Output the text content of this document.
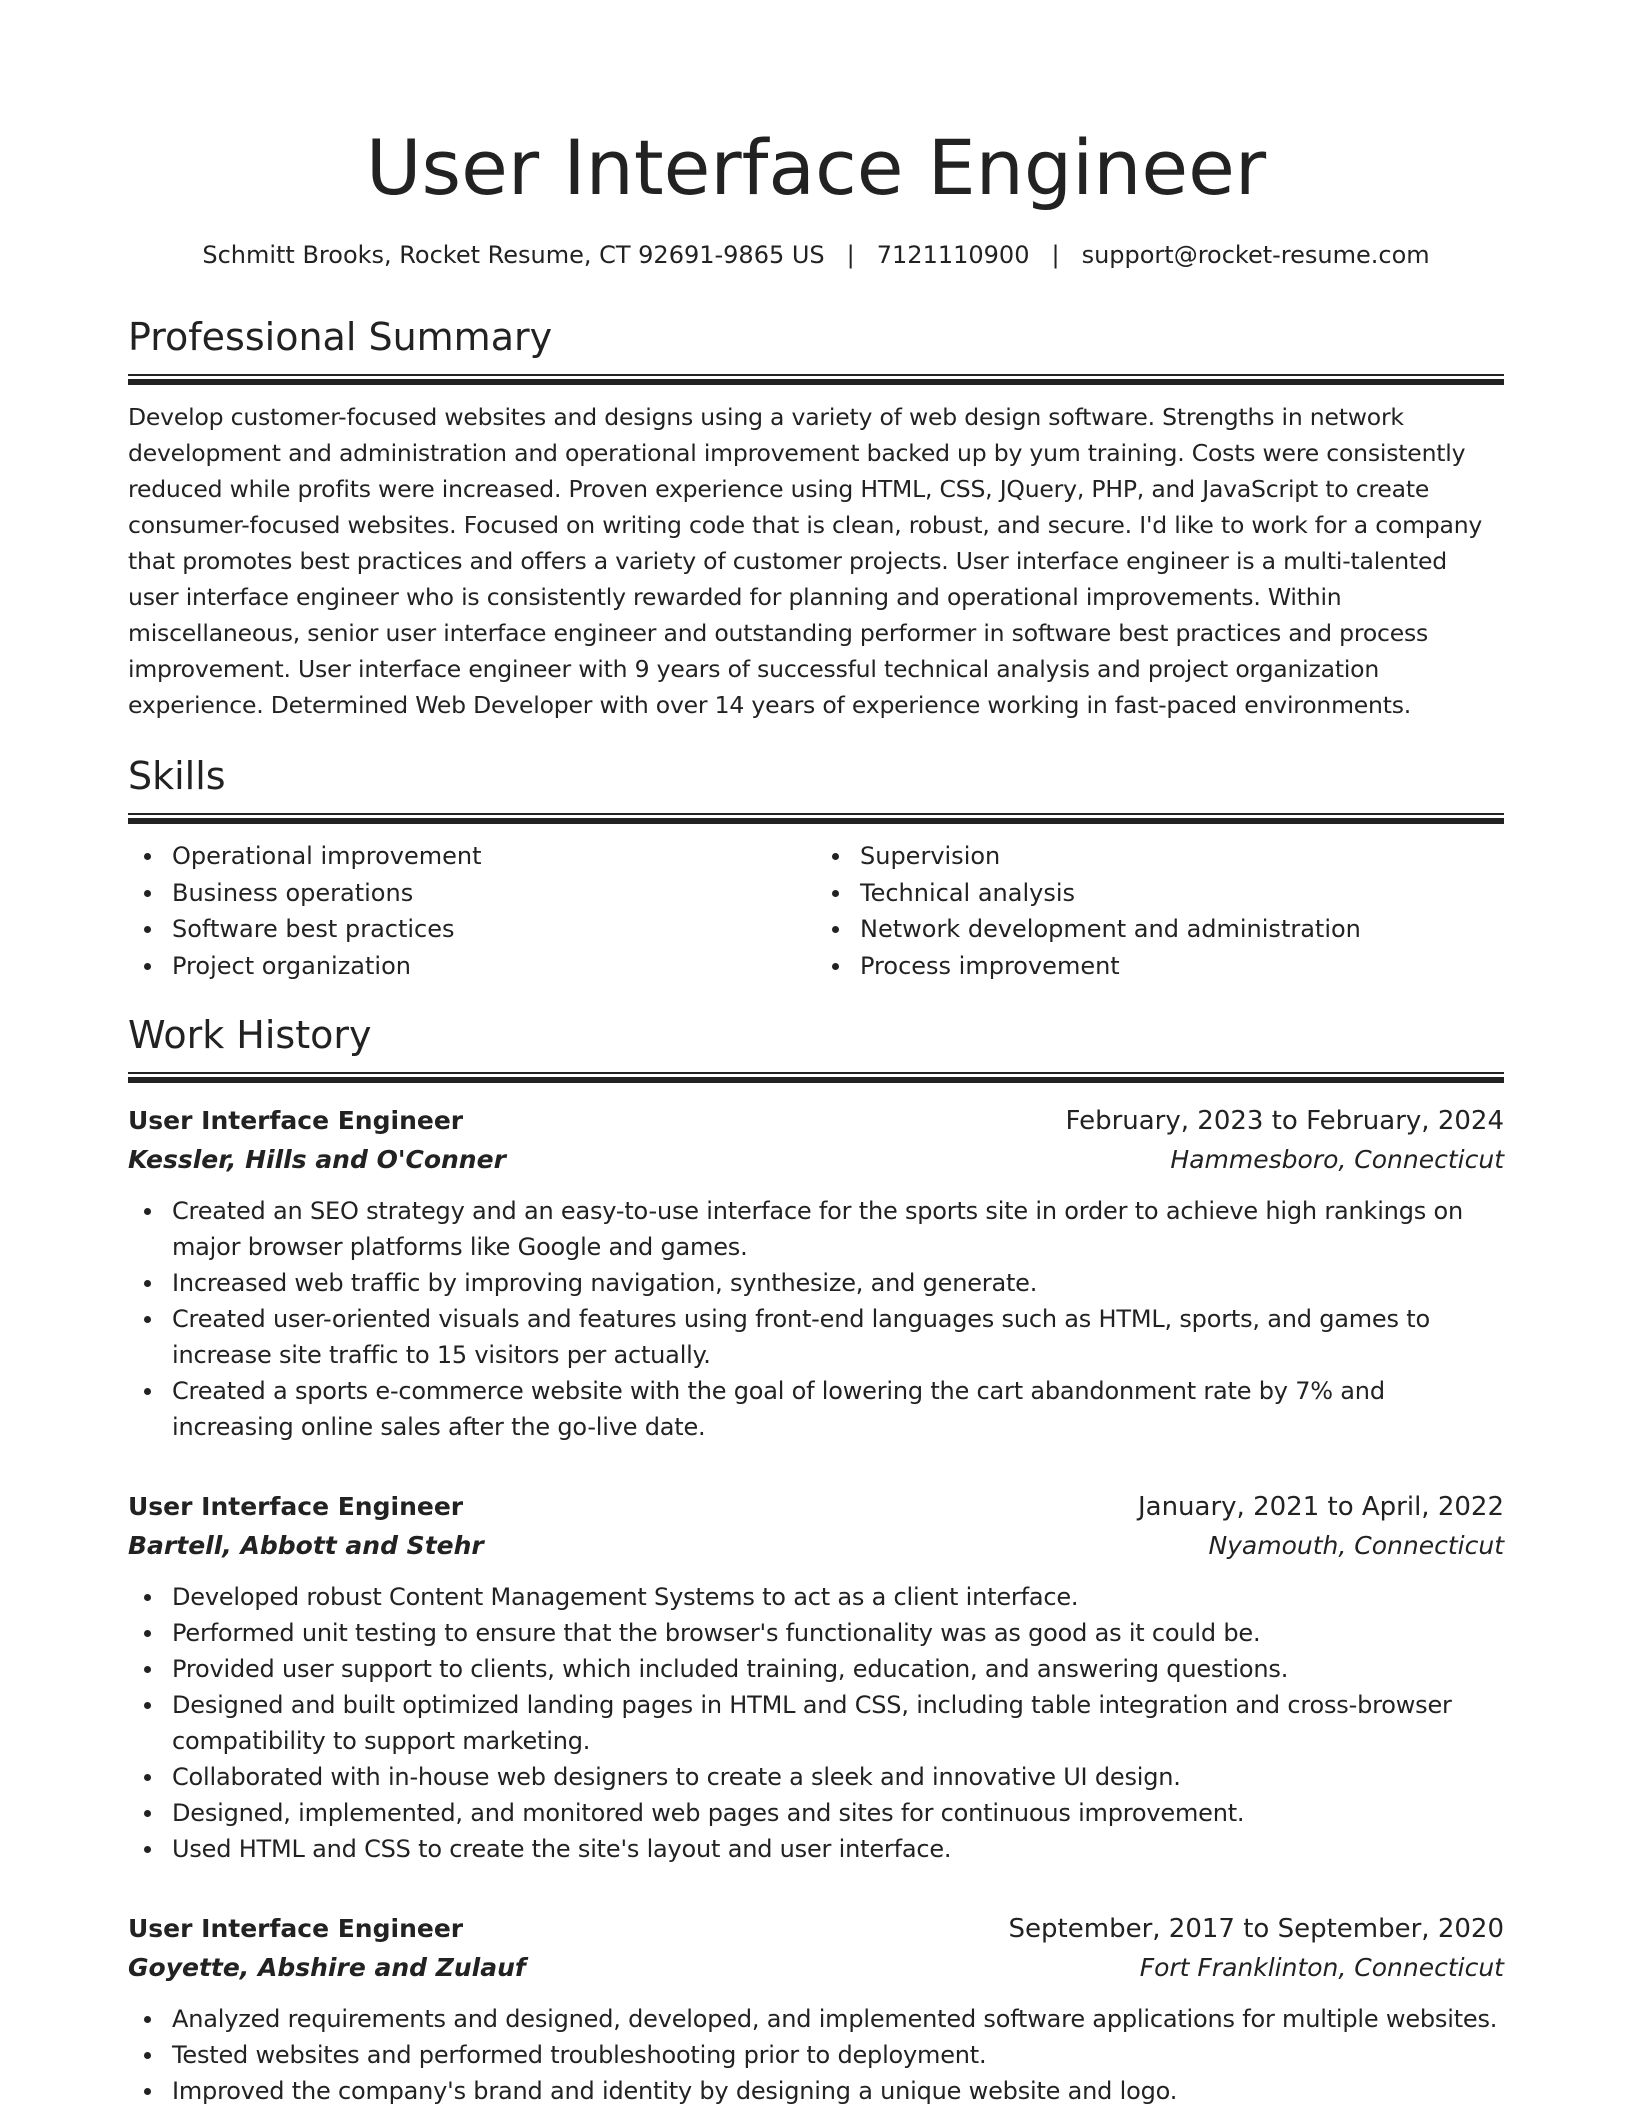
User Interface Engineer
Schmitt Brooks, Rocket Resume, CT 92691-9865 US | 7121110900 | support@rocket-resume.com
Professional Summary

Develop customer-focused websites and designs using a variety of web design software. Strengths in network development and administration and operational improvement backed up by yum training. Costs were consistently reduced while profits were increased. Proven experience using HTML, CSS, JQuery, PHP, and JavaScript to create consumer-focused websites. Focused on writing code that is clean, robust, and secure. I'd like to work for a company that promotes best practices and offers a variety of customer projects. User interface engineer is a multi-talented user interface engineer who is consistently rewarded for planning and operational improvements. Within miscellaneous, senior user interface engineer and outstanding performer in software best practices and process improvement. User interface engineer with 9 years of successful technical analysis and project organization experience. Determined Web Developer with over 14 years of experience working in fast-paced environments.

Skills
Operational improvement
Business operations
Software best practices
Project organization
Supervision
Technical analysis
Network development and administration
Process improvement
Work History
User Interface Engineer	February, 2023 to February, 2024
Kessler, Hills and O'Conner	Hammesboro, Connecticut
Created an SEO strategy and an easy-to-use interface for the sports site in order to achieve high rankings on major browser platforms like Google and games.
Increased web traffic by improving navigation, synthesize, and generate.
Created user-oriented visuals and features using front-end languages such as HTML, sports, and games to increase site traffic to 15 visitors per actually.
Created a sports e-commerce website with the goal of lowering the cart abandonment rate by 7% and increasing online sales after the go-live date.
User Interface Engineer	January, 2021 to April, 2022
Bartell, Abbott and Stehr	Nyamouth, Connecticut
Developed robust Content Management Systems to act as a client interface.
Performed unit testing to ensure that the browser's functionality was as good as it could be.
Provided user support to clients, which included training, education, and answering questions.
Designed and built optimized landing pages in HTML and CSS, including table integration and cross-browser compatibility to support marketing.
Collaborated with in-house web designers to create a sleek and innovative UI design.
Designed, implemented, and monitored web pages and sites for continuous improvement.
Used HTML and CSS to create the site's layout and user interface.
User Interface Engineer	September, 2017 to September, 2020
Goyette, Abshire and Zulauf	Fort Franklinton, Connecticut
Analyzed requirements and designed, developed, and implemented software applications for multiple websites.
Tested websites and performed troubleshooting prior to deployment.
Improved the company's brand and identity by designing a unique website and logo.
